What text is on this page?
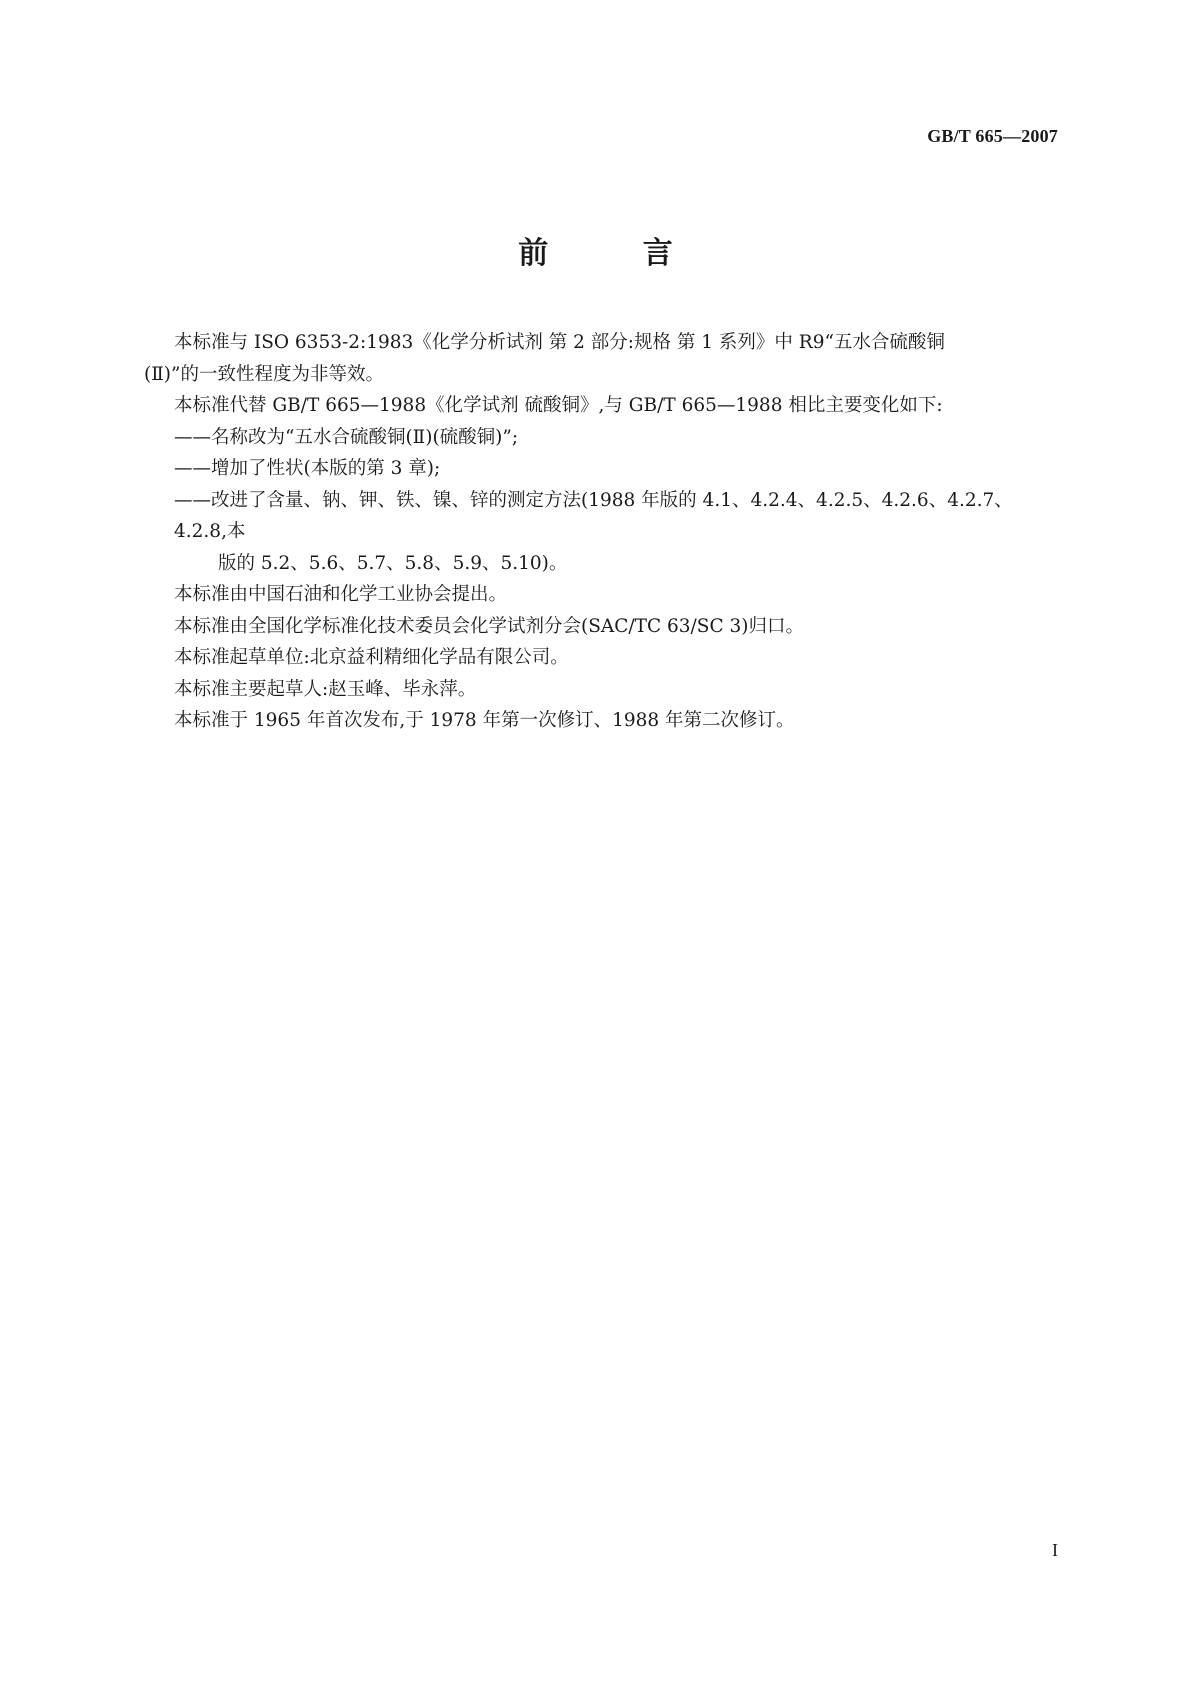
GB/T 665—2007
前 言

本标准与 ISO 6353-2:1983《化学分析试剂 第 2 部分:规格 第 1 系列》中 R9“五水合硫酸铜

(Ⅱ)”的一致性程度为非等效。

本标准代替 GB/T 665—1988《化学试剂 硫酸铜》,与 GB/T 665—1988 相比主要变化如下:

——名称改为“五水合硫酸铜(Ⅱ)(硫酸铜)”;

——增加了性状(本版的第 3 章);

——改进了含量、钠、钾、铁、镍、锌的测定方法(1988 年版的 4.1、4.2.4、4.2.5、4.2.6、4.2.7、4.2.8,本

版的 5.2、5.6、5.7、5.8、5.9、5.10)。

本标准由中国石油和化学工业协会提出。

本标准由全国化学标准化技术委员会化学试剂分会(SAC/TC 63/SC 3)归口。

本标准起草单位:北京益利精细化学品有限公司。

本标准主要起草人:赵玉峰、毕永萍。

本标准于 1965 年首次发布,于 1978 年第一次修订、1988 年第二次修订。

I
